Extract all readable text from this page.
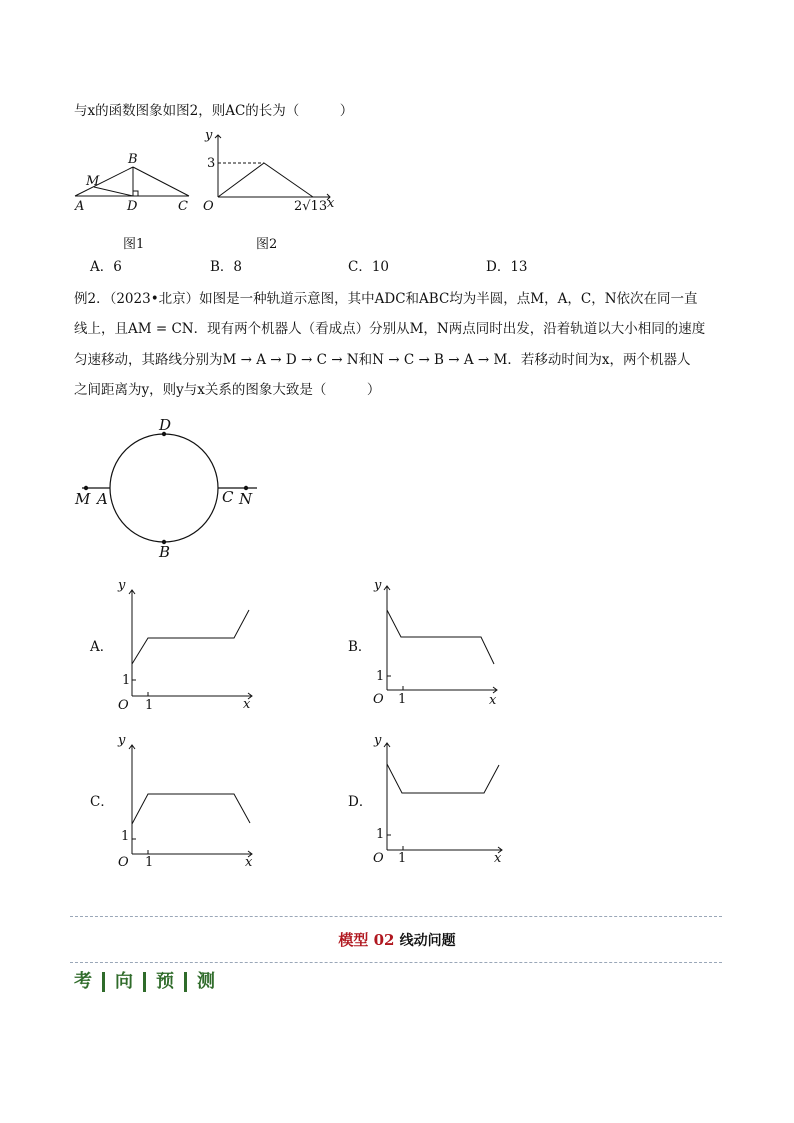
与x的函数图象如图2，则AC的长为（　　　）
A
B
C
D
M
图1
y
3
O	2√13 x
图2
A．6	B．8	C．10	D．13
例2．（2023•北京）如图是一种轨道示意图，其中ADC和ABC均为半圆，点M，A，C，N依次在同一直
线上，且AM = CN．现有两个机器人（看成点）分别从M，N两点同时出发，沿着轨道以大小相同的速度
匀速移动，其路线分别为M → A → D → C → N和N → C → B → A → M．若移动时间为x，两个机器人
之间距离为y，则y与x关系的图象大致是（　　　）
M A
D
C N
B
A．
y
1
O 1	x
B．
y
1
O 1	x
C．
y
1
O 1	x
D．
y
1
O 1	x
模型 02 线动问题
考 向 预 测
